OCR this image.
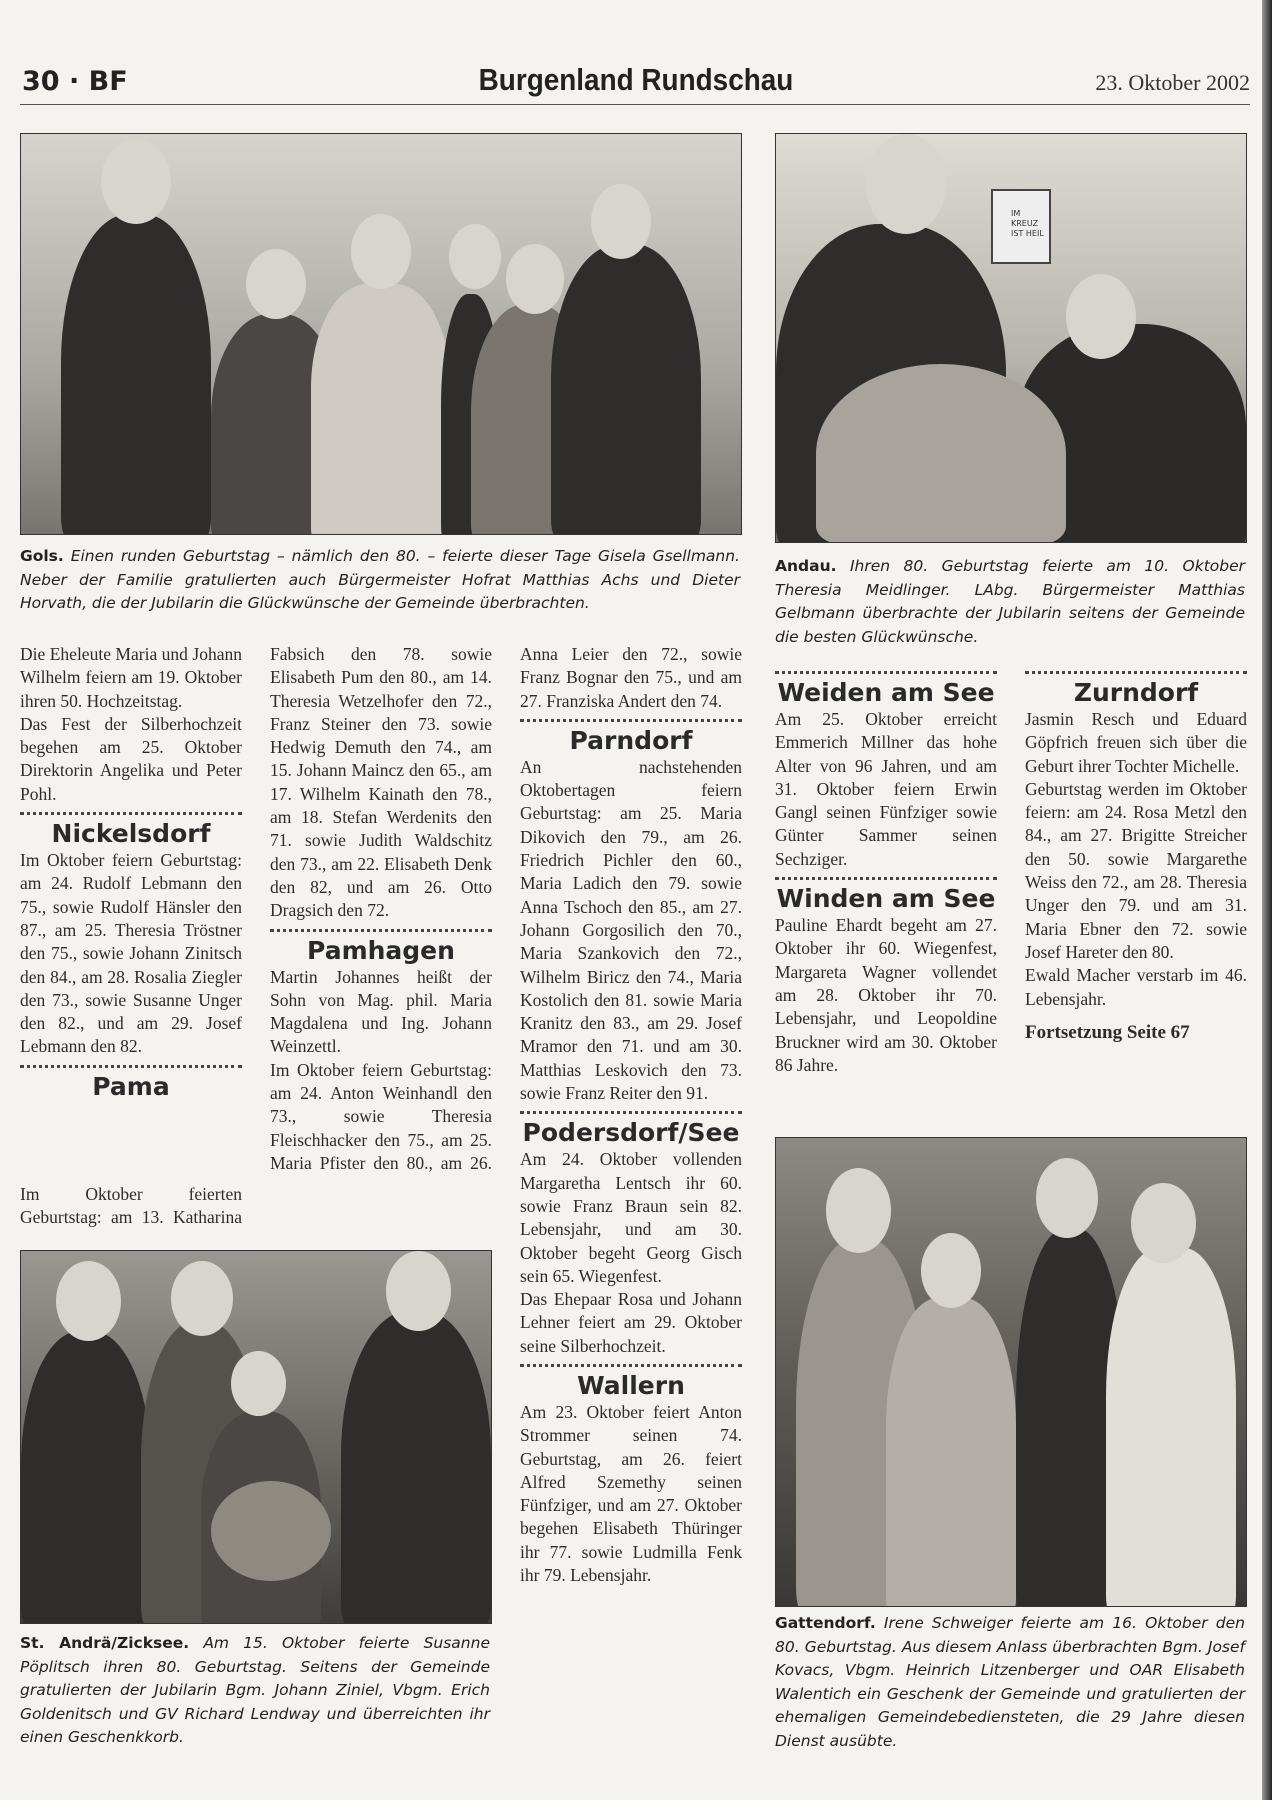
30 · BF	Burgenland Rundschau	23. Oktober 2002
IM KREUZ IST HEIL
Gols. Einen runden Geburtstag – nämlich den 80. – feierte dieser Tage Gisela Gsellmann. Neber der Familie gratulierten auch Bürgermeister Hofrat Matthias Achs und Dieter Horvath, die der Jubilarin die Glückwünsche der Gemeinde überbrachten.
Andau. Ihren 80. Geburtstag feierte am 10. Oktober Theresia Meidlinger. LAbg. Bürgermeister Matthias Gelbmann überbrachte der Jubilarin seitens der Gemeinde die besten Glückwünsche.

Die Eheleute Maria und Johann Wilhelm feiern am 19. Oktober ihren 50. Hochzeitstag.

Das Fest der Silberhochzeit begehen am 25. Oktober Direktorin Angelika und Peter Pohl.

Nickelsdorf

Im Oktober feiern Geburtstag: am 24. Rudolf Lebmann den 75., sowie Rudolf Hänsler den 87., am 25. Theresia Tröstner den 75., sowie Johann Zinitsch den 84., am 28. Rosalia Ziegler den 73., sowie Susanne Unger den 82., und am 29. Josef Lebmann den 82.

Pama

Im Oktober feierten Geburtstag: am 13. Katharina

Fabsich den 78. sowie Elisabeth Pum den 80., am 14. Theresia Wetzelhofer den 72., Franz Steiner den 73. sowie Hedwig Demuth den 74., am 15. Johann Maincz den 65., am 17. Wilhelm Kainath den 78., am 18. Stefan Werdenits den 71. sowie Judith Waldschitz den 73., am 22. Elisabeth Denk den 82, und am 26. Otto Dragsich den 72.

Pamhagen

Martin Johannes heißt der Sohn von Mag. phil. Maria Magdalena und Ing. Johann Weinzettl.

Im Oktober feiern Geburtstag: am 24. Anton Weinhandl den 73., sowie Theresia Fleischhacker den 75., am 25. Maria Pfister den 80., am 26.

Anna Leier den 72., sowie Franz Bognar den 75., und am 27. Franziska Andert den 74.

Parndorf

An nachstehenden Oktobertagen feiern Geburtstag: am 25. Maria Dikovich den 79., am 26. Friedrich Pichler den 60., Maria Ladich den 79. sowie Anna Tschoch den 85., am 27. Johann Gorgosilich den 70., Maria Szankovich den 72., Wilhelm Biricz den 74., Maria Kostolich den 81. sowie Maria Kranitz den 83., am 29. Josef Mramor den 71. und am 30. Matthias Leskovich den 73. sowie Franz Reiter den 91.

Podersdorf/See

Am 24. Oktober vollenden Margaretha Lentsch ihr 60. sowie Franz Braun sein 82. Lebensjahr, und am 30. Oktober begeht Georg Gisch sein 65. Wiegenfest.

Das Ehepaar Rosa und Johann Lehner feiert am 29. Oktober seine Silberhochzeit.

Wallern

Am 23. Oktober feiert Anton Strommer seinen 74. Geburtstag, am 26. feiert Alfred Szemethy seinen Fünfziger, und am 27. Oktober begehen Elisabeth Thüringer ihr 77. sowie Ludmilla Fenk ihr 79. Lebensjahr.

Weiden am See

Am 25. Oktober erreicht Emmerich Millner das hohe Alter von 96 Jahren, und am 31. Oktober feiern Erwin Gangl seinen Fünfziger sowie Günter Sammer seinen Sechziger.

Winden am See

Pauline Ehardt begeht am 27. Oktober ihr 60. Wiegenfest, Margareta Wagner vollendet am 28. Oktober ihr 70. Lebensjahr, und Leopoldine Bruckner wird am 30. Oktober 86 Jahre.

Zurndorf

Jasmin Resch und Eduard Göpfrich freuen sich über die Geburt ihrer Tochter Michelle.

Geburtstag werden im Oktober feiern: am 24. Rosa Metzl den 84., am 27. Brigitte Streicher den 50. sowie Margarethe Weiss den 72., am 28. Theresia Unger den 79. und am 31. Maria Ebner den 72. sowie Josef Hareter den 80.

Ewald Macher verstarb im 46. Lebensjahr.

Fortsetzung Seite 67
St. Andrä/Zicksee. Am 15. Oktober feierte Susanne Pöplitsch ihren 80. Geburtstag. Seitens der Gemeinde gratulierten der Jubilarin Bgm. Johann Ziniel, Vbgm. Erich Goldenitsch und GV Richard Lendway und überreichten ihr einen Geschenkkorb.
Gattendorf. Irene Schweiger feierte am 16. Oktober den 80. Geburtstag. Aus diesem Anlass überbrachten Bgm. Josef Kovacs, Vbgm. Heinrich Litzenberger und OAR Elisabeth Walentich ein Geschenk der Gemeinde und gratulierten der ehemaligen Gemeindebediensteten, die 29 Jahre diesen Dienst ausübte.
